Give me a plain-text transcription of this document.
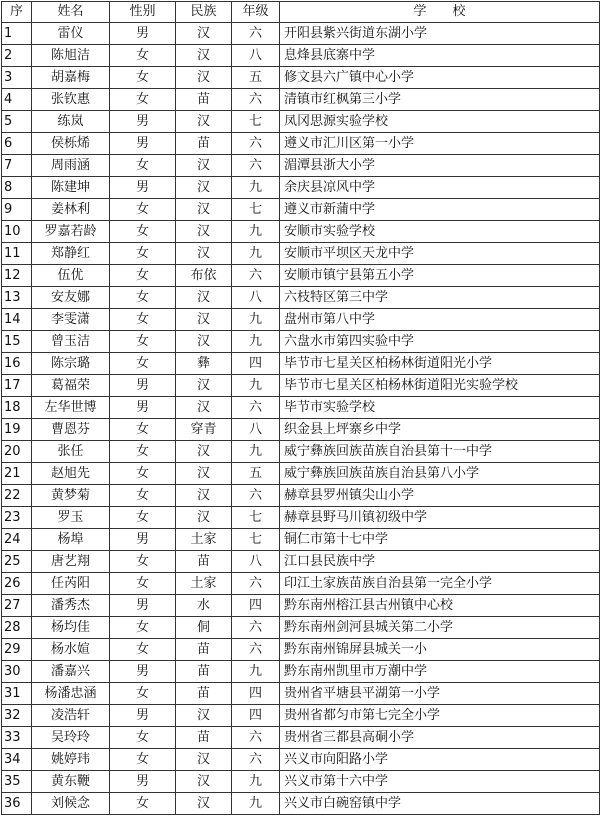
序	姓名	性别	民族	年级	学　　校
1	雷仪	男	汉	六	开阳县紫兴街道东湖小学
2	陈旭洁	女	汉	八	息烽县底寨中学
3	胡嘉梅	女	汉	五	修文县六广镇中心小学
4	张钦惠	女	苗	六	清镇市红枫第三小学
5	练岚	男	汉	七	凤冈思源实验学校
6	侯栎烯	男	苗	六	遵义市汇川区第一小学
7	周雨涵	女	汉	六	湄潭县浙大小学
8	陈建坤	男	汉	九	余庆县凉风中学
9	姜林利	女	汉	七	遵义市新蒲中学
10	罗嘉若龄	女	汉	九	安顺市实验学校
11	郑静红	女	汉	九	安顺市平坝区天龙中学
12	伍优	女	布依	六	安顺市镇宁县第五小学
13	安友娜	女	汉	八	六枝特区第三中学
14	李雯潇	女	汉	九	盘州市第八中学
15	曾玉洁	女	汉	九	六盘水市第四实验中学
16	陈宗璐	女	彝	四	毕节市七星关区柏杨林街道阳光小学
17	葛福荣	男	汉	九	毕节市七星关区柏杨林街道阳光实验学校
18	左华世博	男	汉	六	毕节市实验学校
19	曹恩芬	女	穿青	八	织金县上坪寨乡中学
20	张任	女	汉	九	威宁彝族回族苗族自治县第十一中学
21	赵旭先	女	汉	五	威宁彝族回族苗族自治县第八小学
22	黄梦菊	女	汉	六	赫章县罗州镇尖山小学
23	罗玉	女	汉	七	赫章县野马川镇初级中学
24	杨埠	男	土家	七	铜仁市第十七中学
25	唐艺翔	女	苗	八	江口县民族中学
26	任芮阳	女	土家	六	印江土家族苗族自治县第一完全小学
27	潘秀杰	男	水	四	黔东南州榕江县古州镇中心校
28	杨均佳	女	侗	六	黔东南州剑河县城关第二小学
29	杨水媗	女	苗	六	黔东南州锦屏县城关一小
30	潘嘉兴	男	苗	九	黔东南州凯里市万潮中学
31	杨潘忠涵	女	苗	四	贵州省平塘县平湖第一小学
32	凌浩轩	男	汉	四	贵州省都匀市第七完全小学
33	吴玲玲	女	苗	六	贵州省三都县高硐小学
34	姚婷玮	女	汉	六	兴义市向阳路小学
35	黄东鞭	男	汉	九	兴义市第十六中学
36	刘候念	女	汉	九	兴义市白碗窑镇中学
